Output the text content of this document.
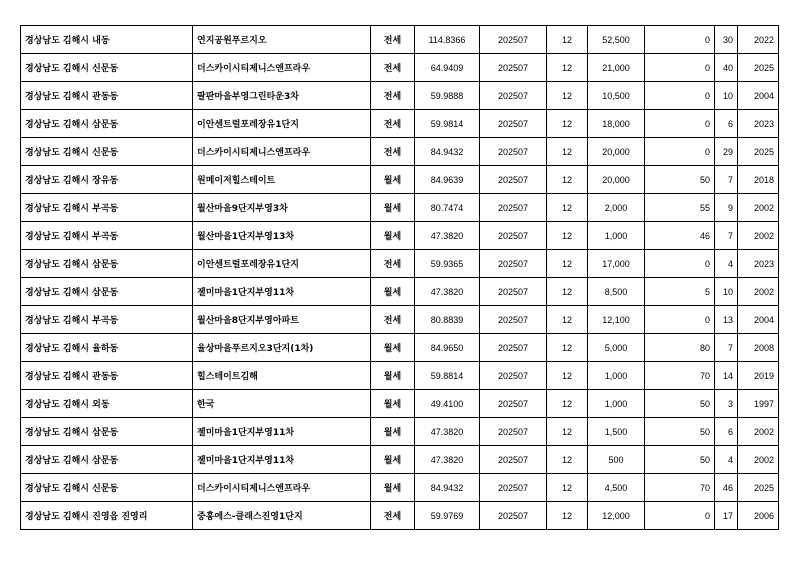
경상남도 김해시 내동	연지공원푸르지오	전세	114.8366	202507	12	52,500	0	30	2022
경상남도 김해시 신문동	더스카이시티제니스앤프라우	전세	64.9409	202507	12	21,000	0	40	2025
경상남도 김해시 관동동	팔판마을부영그린타운3차	전세	59.9888	202507	12	10,500	0	10	2004
경상남도 김해시 삼문동	이안센트럴포레장유1단지	전세	59.9814	202507	12	18,000	0	6	2023
경상남도 김해시 신문동	더스카이시티제니스앤프라우	전세	84.9432	202507	12	20,000	0	29	2025
경상남도 김해시 장유동	원메이저힐스테이트	월세	84.9639	202507	12	20,000	50	7	2018
경상남도 김해시 부곡동	월산마을9단지부영3차	월세	80.7474	202507	12	2,000	55	9	2002
경상남도 김해시 부곡동	월산마을1단지부영13차	월세	47.3820	202507	12	1,000	46	7	2002
경상남도 김해시 삼문동	이안센트럴포레장유1단지	전세	59.9365	202507	12	17,000	0	4	2023
경상남도 김해시 삼문동	젤미마을1단지부영11차	월세	47.3820	202507	12	8,500	5	10	2002
경상남도 김해시 부곡동	월산마을8단지부영아파트	전세	80.8839	202507	12	12,100	0	13	2004
경상남도 김해시 율하동	율상마을푸르지오3단지(1차)	월세	84.9650	202507	12	5,000	80	7	2008
경상남도 김해시 관동동	힐스테이트김해	월세	59.8814	202507	12	1,000	70	14	2019
경상남도 김해시 외동	한국	월세	49.4100	202507	12	1,000	50	3	1997
경상남도 김해시 삼문동	젤미마을1단지부영11차	월세	47.3820	202507	12	1,500	50	6	2002
경상남도 김해시 삼문동	젤미마을1단지부영11차	월세	47.3820	202507	12	500	50	4	2002
경상남도 김해시 신문동	더스카이시티제니스앤프라우	월세	84.9432	202507	12	4,500	70	46	2025
경상남도 김해시 진영읍 진영리	중흥에스-클래스진영1단지	전세	59.9769	202507	12	12,000	0	17	2006
